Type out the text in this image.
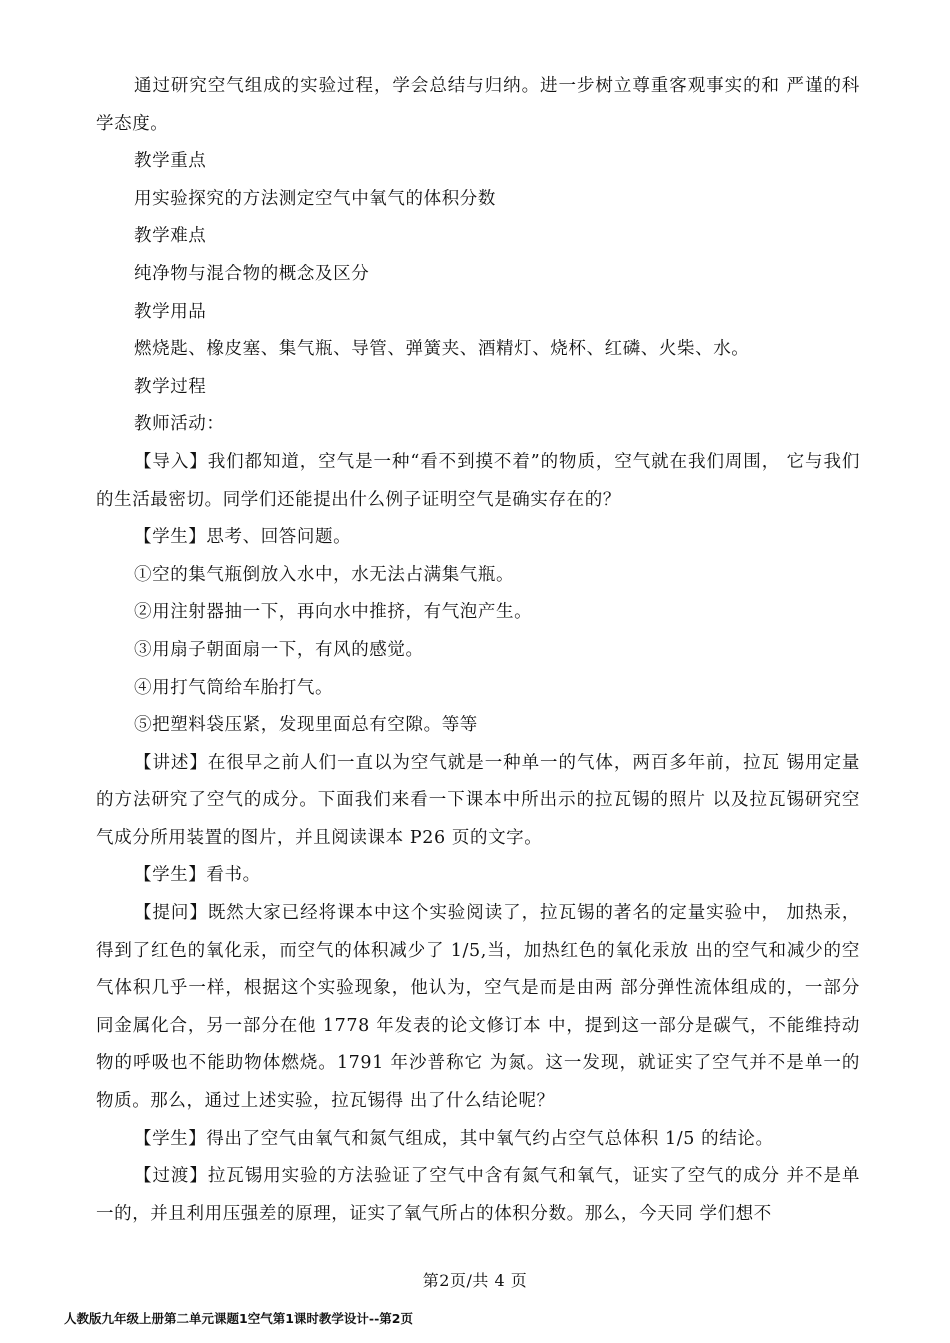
通过研究空气组成的实验过程，学会总结与归纳。进一步树立尊重客观事实的和 严谨的科学态度。

教学重点

用实验探究的方法测定空气中氧气的体积分数

教学难点

纯净物与混合物的概念及区分

教学用品

燃烧匙、橡皮塞、集气瓶、导管、弹簧夹、酒精灯、烧杯、红磷、火柴、水。

教学过程

教师活动：

【导入】我们都知道，空气是一种“看不到摸不着”的物质，空气就在我们周围， 它与我们的生活最密切。同学们还能提出什么例子证明空气是确实存在的？

【学生】思考、回答问题。

①空的集气瓶倒放入水中，水无法占满集气瓶。

②用注射器抽一下，再向水中推挤，有气泡产生。

③用扇子朝面扇一下，有风的感觉。

④用打气筒给车胎打气。

⑤把塑料袋压紧，发现里面总有空隙。等等

【讲述】在很早之前人们一直以为空气就是一种单一的气体，两百多年前，拉瓦 锡用定量的方法研究了空气的成分。下面我们来看一下课本中所出示的拉瓦锡的照片 以及拉瓦锡研究空气成分所用装置的图片，并且阅读课本 P26 页的文字。

【学生】看书。

【提问】既然大家已经将课本中这个实验阅读了，拉瓦锡的著名的定量实验中， 加热汞，得到了红色的氧化汞，而空气的体积减少了 1/5,当，加热红色的氧化汞放 出的空气和减少的空气体积几乎一样，根据这个实验现象，他认为，空气是而是由两 部分弹性流体组成的，一部分同金属化合，另一部分在他 1778 年发表的论文修订本 中，提到这一部分是碳气，不能维持动物的呼吸也不能助物体燃烧。1791 年沙普称它 为氮。这一发现，就证实了空气并不是单一的物质。那么，通过上述实验，拉瓦锡得 出了什么结论呢？

【学生】得出了空气由氧气和氮气组成，其中氧气约占空气总体积 1/5 的结论。

【过渡】拉瓦锡用实验的方法验证了空气中含有氮气和氧气，证实了空气的成分 并不是单一的，并且利用压强差的原理，证实了氧气所占的体积分数。那么，今天同 学们想不

第2页/共 4 页
人教版九年级上册第二单元课题1空气第1课时教学设计--第2页
